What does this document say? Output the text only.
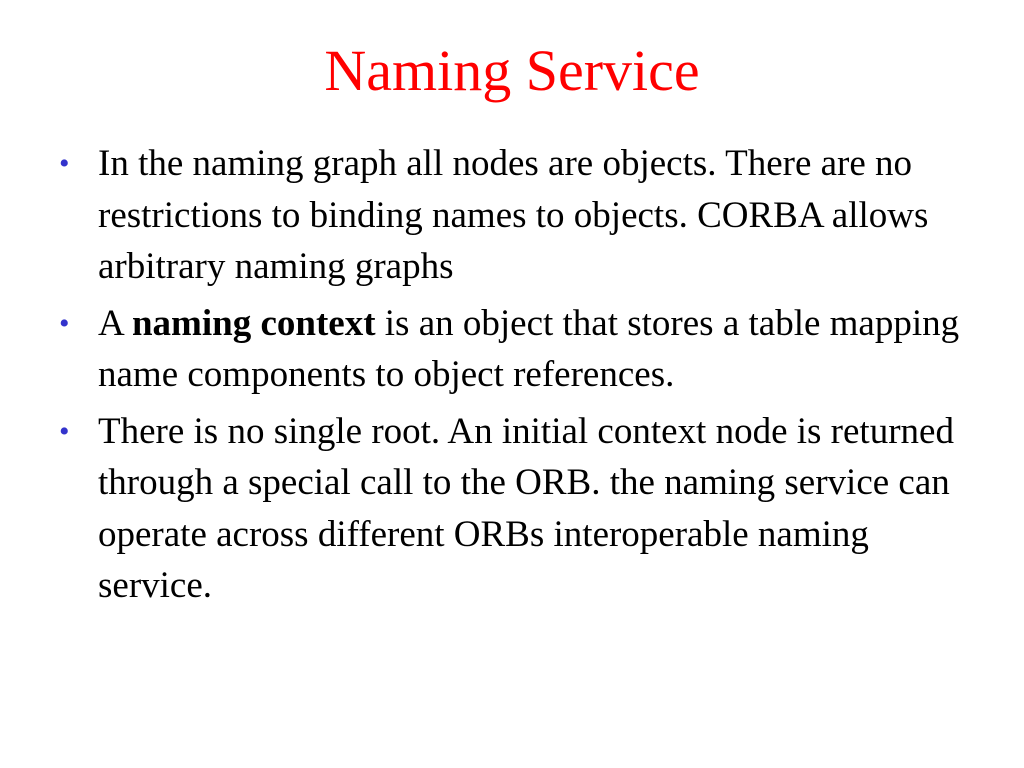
Naming Service
• In the naming graph all nodes are objects. There are no restrictions to binding names to objects. CORBA allows arbitrary naming graphs
• A naming context is an object that stores a table mapping name components to object references.
• There is no single root. An initial context node is returned through a special call to the ORB. the naming service can operate across different ORBs interoperable naming service.
